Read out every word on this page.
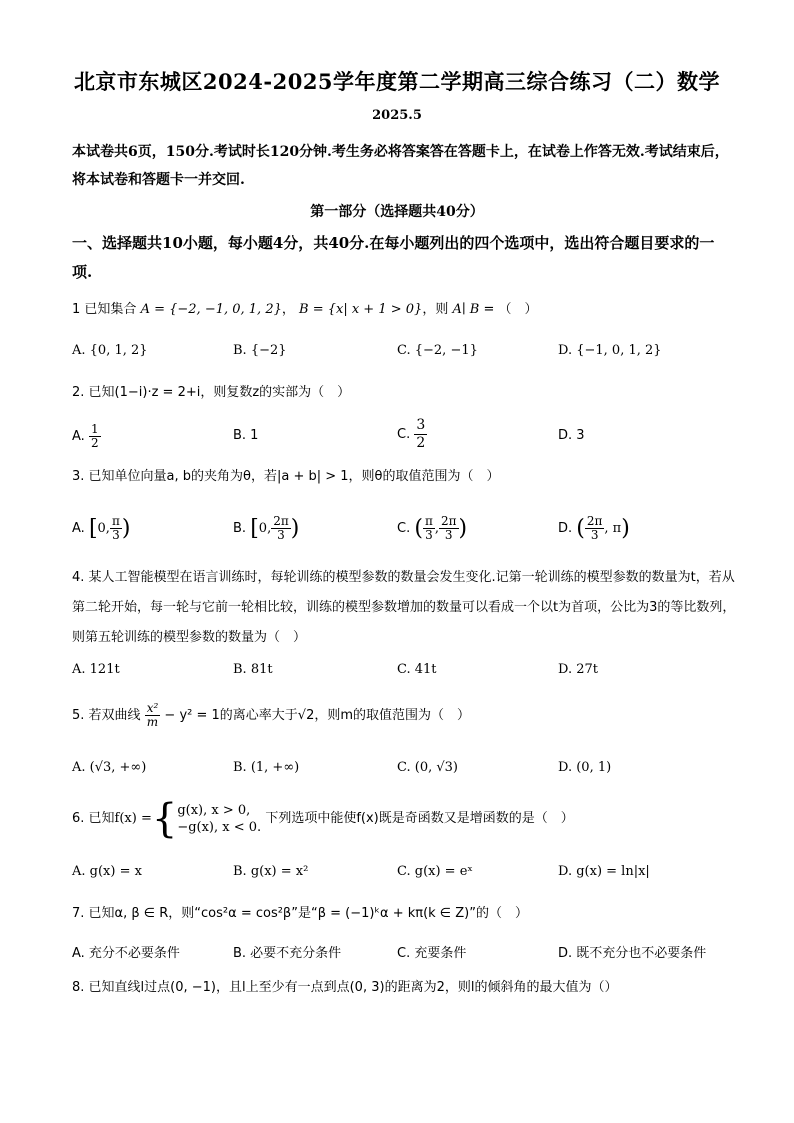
北京市东城区2024-2025学年度第二学期高三综合练习（二）数学
2025.5
本试卷共6页，150分.考试时长120分钟.考生务必将答案答在答题卡上，在试卷上作答无效.考试结束后，将本试卷和答题卡一并交回.
第一部分（选择题共40分）
一、选择题共10小题，每小题4分，共40分.在每小题列出的四个选项中，选出符合题目要求的一项.
1 已知集合 A = {−2, −1, 0, 1, 2}， B = {x| x + 1 > 0}，则 A∣ B = （　）
A. {0, 1, 2}	B. {−2}	C. {−2, −1}	D. {−1, 0, 1, 2}
2. 已知(1−i)·z = 2+i，则复数z的实部为（　）
A. $\frac{1}{2}$	B. 1	C. $\frac{3}{2}$	D. 3
3. 已知单位向量a, b的夹角为θ，若|a + b| > 1，则θ的取值范围为（　）
A. [0, $\frac{\pi}{3}$ )	B. [0, $\frac{2\pi}{3}$ )	C. ( $\frac{\pi}{3}$ , $\frac{2\pi}{3}$ )	D. ( $\frac{2\pi}{3}$ , π)
4. 某人工智能模型在语言训练时，每轮训练的模型参数的数量会发生变化.记第一轮训练的模型参数的数量为t，若从第二轮开始，每一轮与它前一轮相比较，训练的模型参数增加的数量可以看成一个以t为首项，公比为3的等比数列，则第五轮训练的模型参数的数量为（　）
A. 121t	B. 81t	C. 41t	D. 27t
5. 若双曲线 $\frac{\text{x²}}{m} - y^2 = 1$的离心率大于√2，则m的取值范围为（　）
A. (√3, +∞)	B. (1, +∞)	C. (0, √3)	D. (0, 1)
6. 已知f(x) ={ g(x), x > 0,
−g(x), x < 0.
下列选项中能使f(x)既是奇函数又是增函数的是（　）
A. g(x) = x	B. g(x) = x²	C. g(x) = eˣ	D. g(x) = ln|x|
7. 已知α, β ∈ R，则“cos²α = cos²β”是“β = (−1)ᵏα + kπ(k ∈ Z)”的（　）
A. 充分不必要条件	B. 必要不充分条件	C. 充要条件	D. 既不充分也不必要条件
8. 已知直线l过点(0, −1)，且l上至少有一点到点(0, 3)的距离为2，则l的倾斜角的最大值为（）
